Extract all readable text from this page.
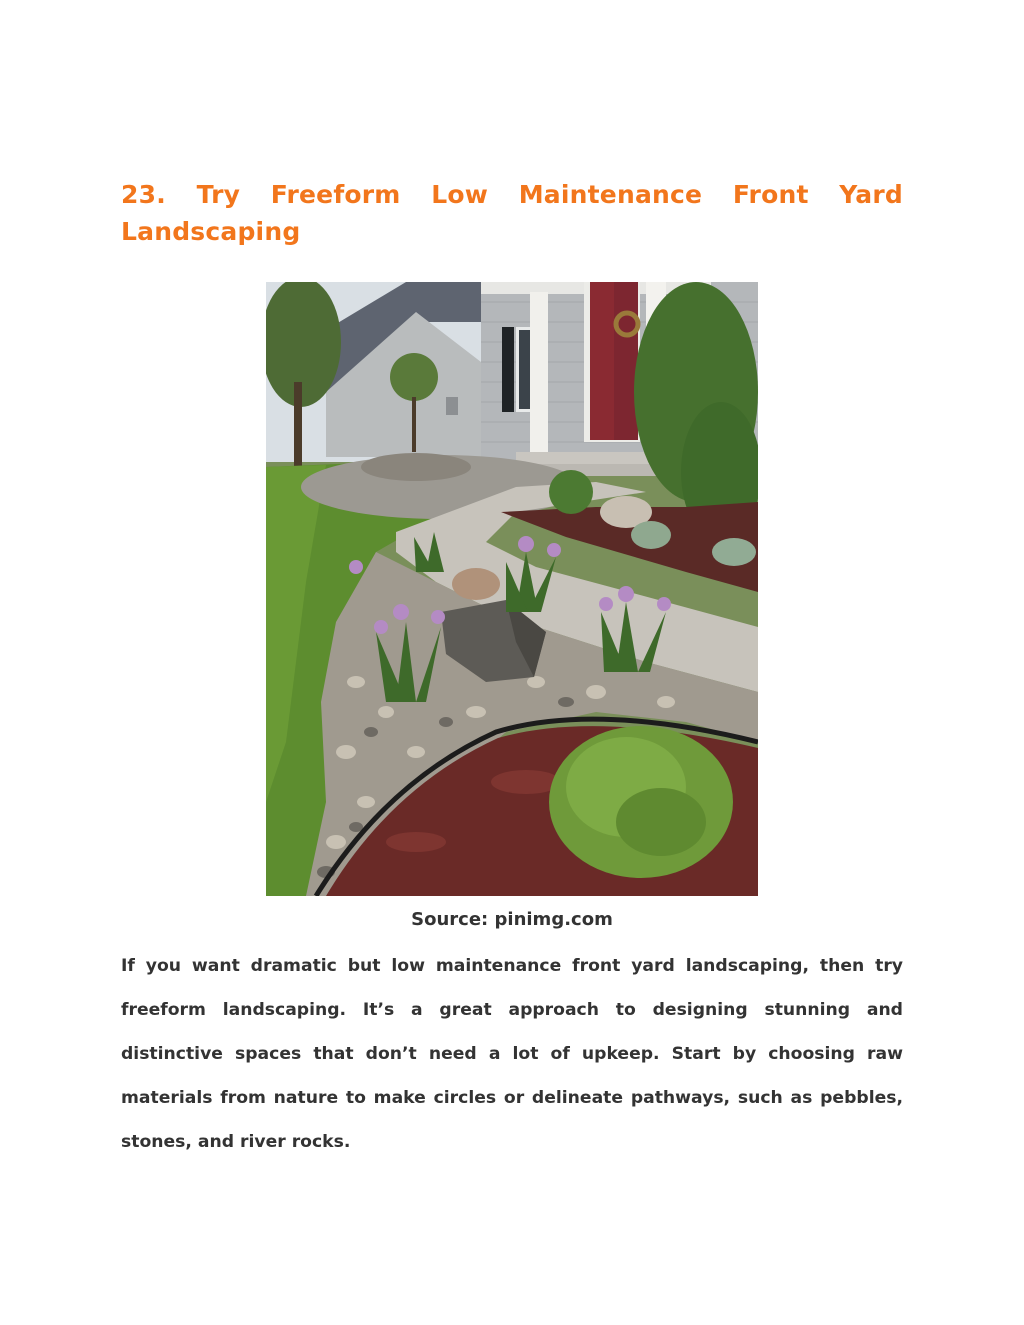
23. Try Freeform Low Maintenance Front Yard Landscaping
Source: pinimg.com

If you want dramatic but low maintenance front yard landscaping, then try freeform landscaping. It’s a great approach to designing stunning and distinctive spaces that don’t need a lot of upkeep. Start by choosing raw materials from nature to make circles or delineate pathways, such as pebbles, stones, and river rocks.
